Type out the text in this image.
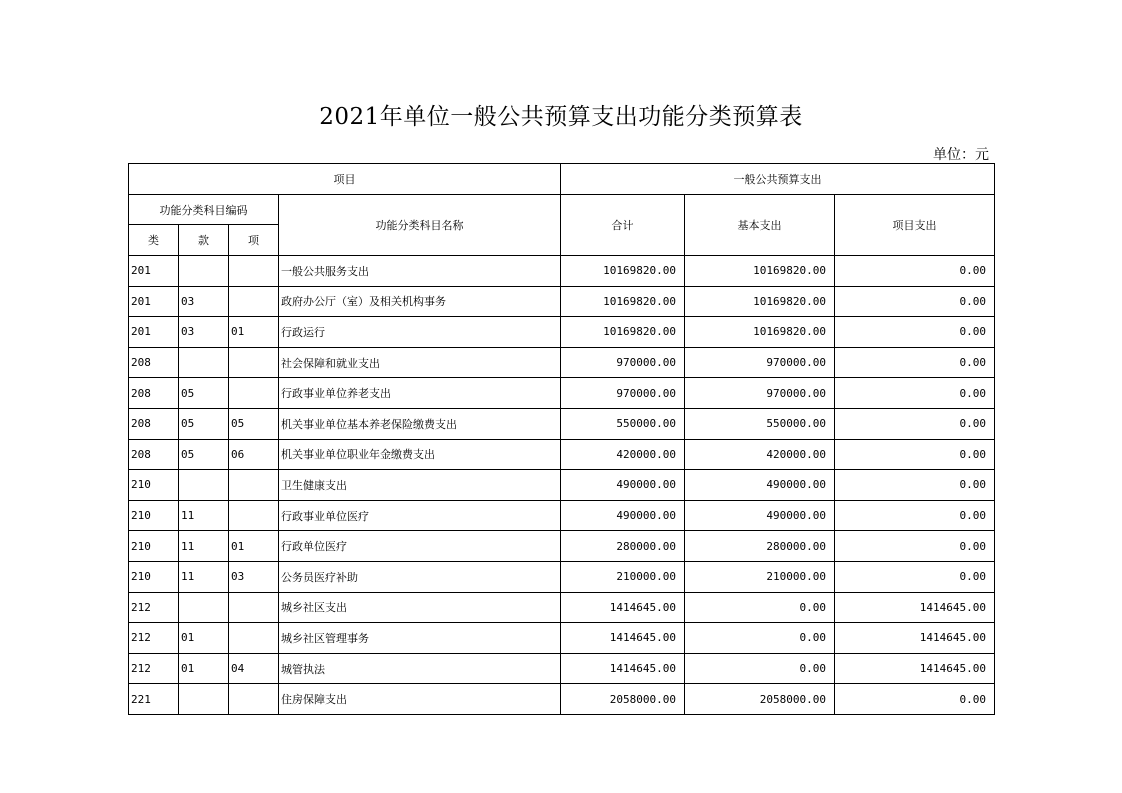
2021年单位一般公共预算支出功能分类预算表
单位：元
项目				一般公共预算支出		
功能分类科目编码			功能分类科目名称	合计	基本支出	项目支出
类	款	项				
201			一般公共服务支出	10169820.00	10169820.00	0.00
201	03		政府办公厅（室）及相关机构事务	10169820.00	10169820.00	0.00
201	03	01	行政运行	10169820.00	10169820.00	0.00
208			社会保障和就业支出	970000.00	970000.00	0.00
208	05		行政事业单位养老支出	970000.00	970000.00	0.00
208	05	05	机关事业单位基本养老保险缴费支出	550000.00	550000.00	0.00
208	05	06	机关事业单位职业年金缴费支出	420000.00	420000.00	0.00
210			卫生健康支出	490000.00	490000.00	0.00
210	11		行政事业单位医疗	490000.00	490000.00	0.00
210	11	01	行政单位医疗	280000.00	280000.00	0.00
210	11	03	公务员医疗补助	210000.00	210000.00	0.00
212			城乡社区支出	1414645.00	0.00	1414645.00
212	01		城乡社区管理事务	1414645.00	0.00	1414645.00
212	01	04	城管执法	1414645.00	0.00	1414645.00
221			住房保障支出	2058000.00	2058000.00	0.00
